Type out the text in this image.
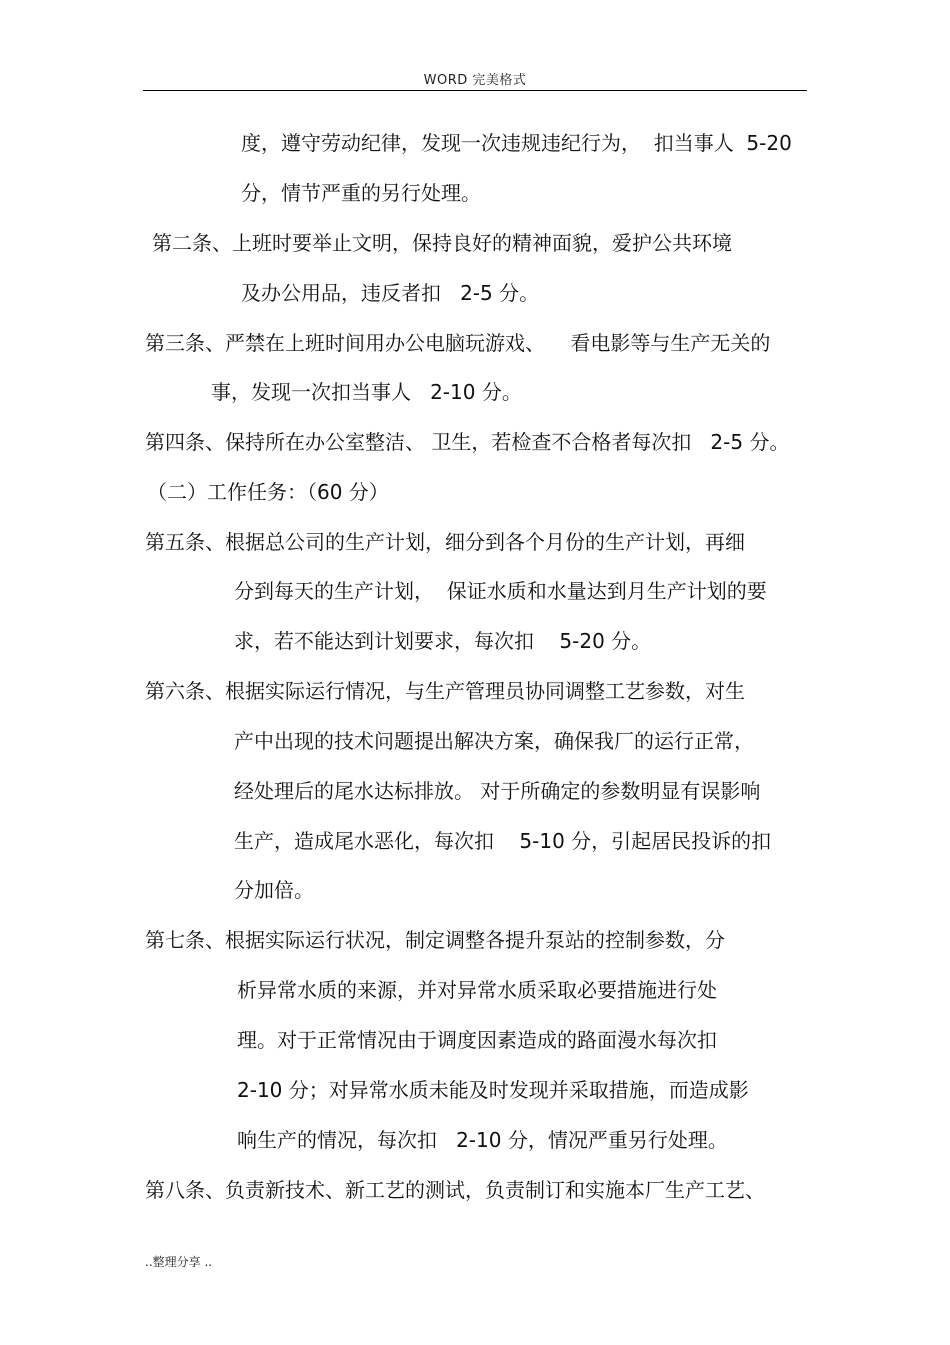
WORD 完美格式
度，遵守劳动纪律，发现一次违规违纪行为，  扣当事人  5-20
分，情节严重的另行处理。
第二条、上班时要举止文明，保持良好的精神面貌，爱护公共环境
及办公用品，违反者扣   2-5 分。
第三条、严禁在上班时间用办公电脑玩游戏、    看电影等与生产无关的
事，发现一次扣当事人   2-10 分。
第四条、保持所在办公室整洁、 卫生，若检查不合格者每次扣   2-5 分。
（二）工作任务：（60 分）
第五条、根据总公司的生产计划，细分到各个月份的生产计划，再细
分到每天的生产计划，  保证水质和水量达到月生产计划的要
求，若不能达到计划要求，每次扣    5-20 分。
第六条、根据实际运行情况，与生产管理员协同调整工艺参数，对生
产中出现的技术问题提出解决方案，确保我厂的运行正常，
经处理后的尾水达标排放。 对于所确定的参数明显有误影响
生产，造成尾水恶化，每次扣    5-10 分，引起居民投诉的扣
分加倍。
第七条、根据实际运行状况，制定调整各提升泵站的控制参数，分
析异常水质的来源，并对异常水质采取必要措施进行处
理。对于正常情况由于调度因素造成的路面漫水每次扣
2-10 分；对异常水质未能及时发现并采取措施，而造成影
响生产的情况，每次扣   2-10 分，情况严重另行处理。
第八条、负责新技术、新工艺的测试，负责制订和实施本厂生产工艺、
..整理分享 ..
